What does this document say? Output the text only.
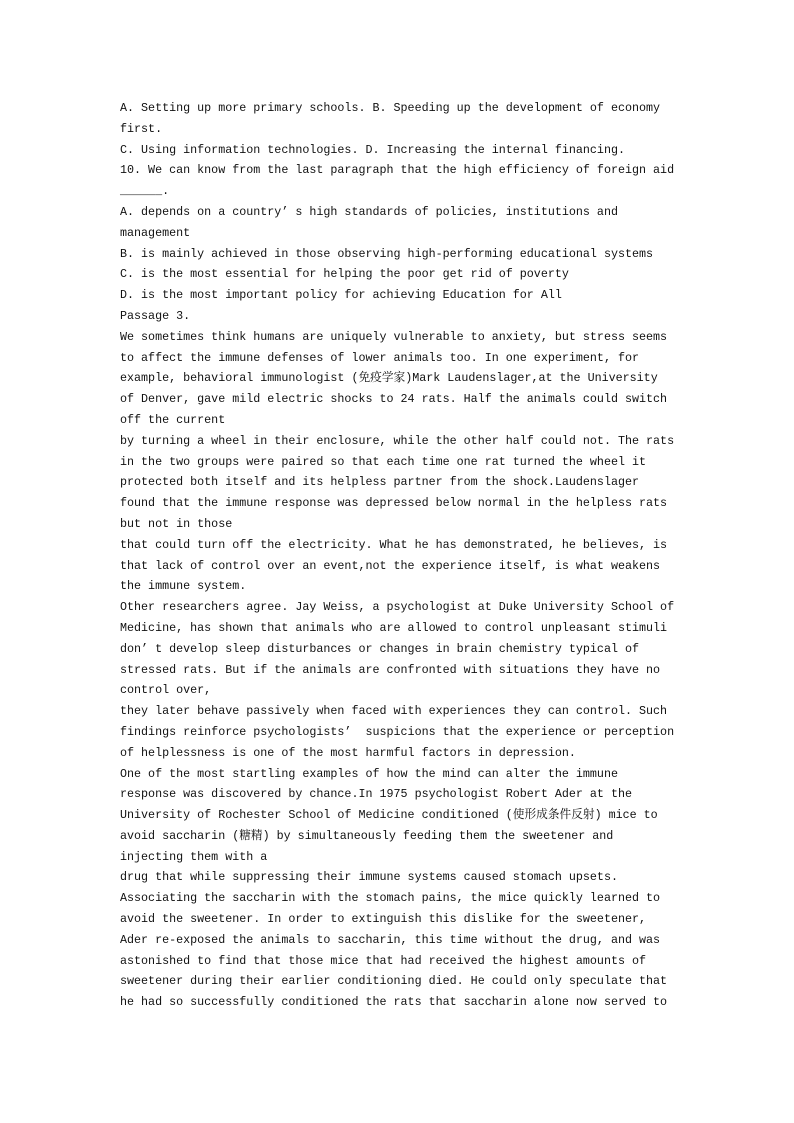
A. Setting up more primary schools. B. Speeding up the development of economy
first.
C. Using information technologies. D. Increasing the internal financing.
10. We can know from the last paragraph that the high efficiency of foreign aid
______.
A. depends on a country’ s high standards of policies, institutions and
management
B. is mainly achieved in those observing high-performing educational systems
C. is the most essential for helping the poor get rid of poverty
D. is the most important policy for achieving Education for All
Passage 3.
We sometimes think humans are uniquely vulnerable to anxiety, but stress seems
to affect the immune defenses of lower animals too. In one experiment, for
example, behavioral immunologist (免疫学家)Mark Laudenslager,at the University
of Denver, gave mild electric shocks to 24 rats. Half the animals could switch
off the current
by turning a wheel in their enclosure, while the other half could not. The rats
in the two groups were paired so that each time one rat turned the wheel it
protected both itself and its helpless partner from the shock.Laudenslager
found that the immune response was depressed below normal in the helpless rats
but not in those
that could turn off the electricity. What he has demonstrated, he believes, is
that lack of control over an event,not the experience itself, is what weakens
the immune system.
Other researchers agree. Jay Weiss, a psychologist at Duke University School of
Medicine, has shown that animals who are allowed to control unpleasant stimuli
don’ t develop sleep disturbances or changes in brain chemistry typical of
stressed rats. But if the animals are confronted with situations they have no
control over,
they later behave passively when faced with experiences they can control. Such
findings reinforce psychologists’  suspicions that the experience or perception
of helplessness is one of the most harmful factors in depression.
One of the most startling examples of how the mind can alter the immune
response was discovered by chance.In 1975 psychologist Robert Ader at the
University of Rochester School of Medicine conditioned (使形成条件反射) mice to
avoid saccharin (糖精) by simultaneously feeding them the sweetener and
injecting them with a
drug that while suppressing their immune systems caused stomach upsets.
Associating the saccharin with the stomach pains, the mice quickly learned to
avoid the sweetener. In order to extinguish this dislike for the sweetener,
Ader re-exposed the animals to saccharin, this time without the drug, and was
astonished to find that those mice that had received the highest amounts of
sweetener during their earlier conditioning died. He could only speculate that
he had so successfully conditioned the rats that saccharin alone now served to
